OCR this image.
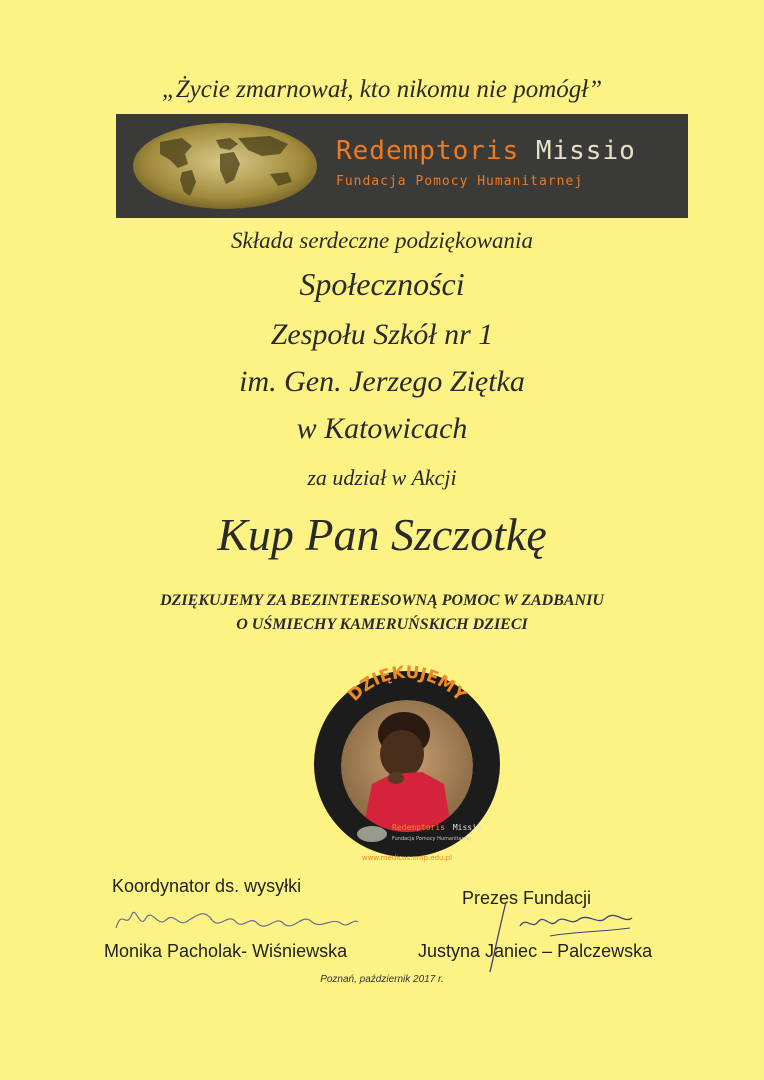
„Życie zmarnował, kto nikomu nie pomógł”
Redemptoris Missio
Fundacja Pomocy Humanitarnej
Składa serdeczne podziękowania
Społeczności
Zespołu Szkół nr 1
im. Gen. Jerzego Ziętka
w Katowicach
za udział w Akcji
Kup Pan Szczotkę
DZIĘKUJEMY ZA BEZINTERESOWNĄ POMOC W ZADBANIU
O UŚMIECHY KAMERUŃSKICH DZIECI
DZIĘKUJEMY
Redemptoris Missio
Fundacja Pomocy Humanitarnej
www.medicus.ump.edu.pl
Koordynator ds. wysyłki
Monika Pacholak- Wiśniewska
Prezes Fundacji
Justyna Janiec – Palczewska
Poznań, październik 2017 r.
